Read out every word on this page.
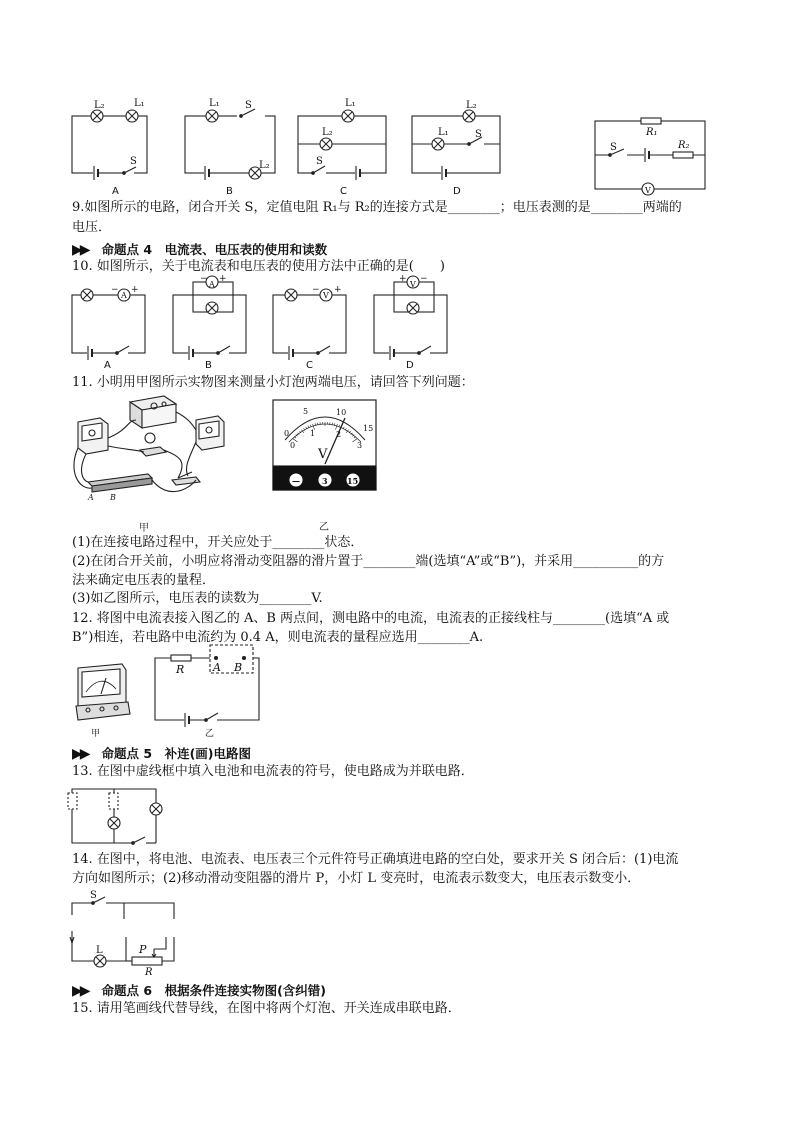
L₂	L₁
S
A
L₁	S
L₂
B
L₁
L₂
S
C
L₂
L₁	S
D
R₁
R₂
S
V
9.如图所示的电路，闭合开关 S，定值电阻 R₁与 R₂的连接方式是________；电压表测的是________两端的
电压．
▶▶ 命题点 4　电流表、电压表的使用和读数
10. 如图所示，关于电流表和电压表的使用方法中正确的是(　　)
A
+
−
A
A
+
−
B
V
+
−
C
V
+ −
D
11. 小明用甲图所示实物图来测量小灯泡两端电压，请回答下列问题：
A B
甲
5	10
15
0
0
1	2
3
V
—	3 15
乙
(1)在连接电路过程中，开关应处于________状态．
(2)在闭合开关前，小明应将滑动变阻器的滑片置于________端(选填“A”或“B”)，并采用__________的方
法来确定电压表的量程．
(3)如乙图所示，电压表的读数为________V.
12. 将图中电流表接入图乙的 A、B 两点间，测电路中的电流，电流表的正接线柱与________(选填“A 或
B”)相连，若电路中电流约为 0.4 A，则电流表的量程应选用________A.
甲
R	A B
乙
▶▶ 命题点 5　补连(画)电路图
13. 在图中虚线框中填入电池和电流表的符号，使电路成为并联电路．
14. 在图中，将电池、电流表、电压表三个元件符号正确填进电路的空白处，要求开关 S 闭合后：(1)电流
方向如图所示；(2)移动滑动变阻器的滑片 P，小灯 L 变亮时，电流表示数变大，电压表示数变小．
S
L	P
R
▶▶ 命题点 6　根据条件连接实物图(含纠错)
15. 请用笔画线代替导线，在图中将两个灯泡、开关连成串联电路．
